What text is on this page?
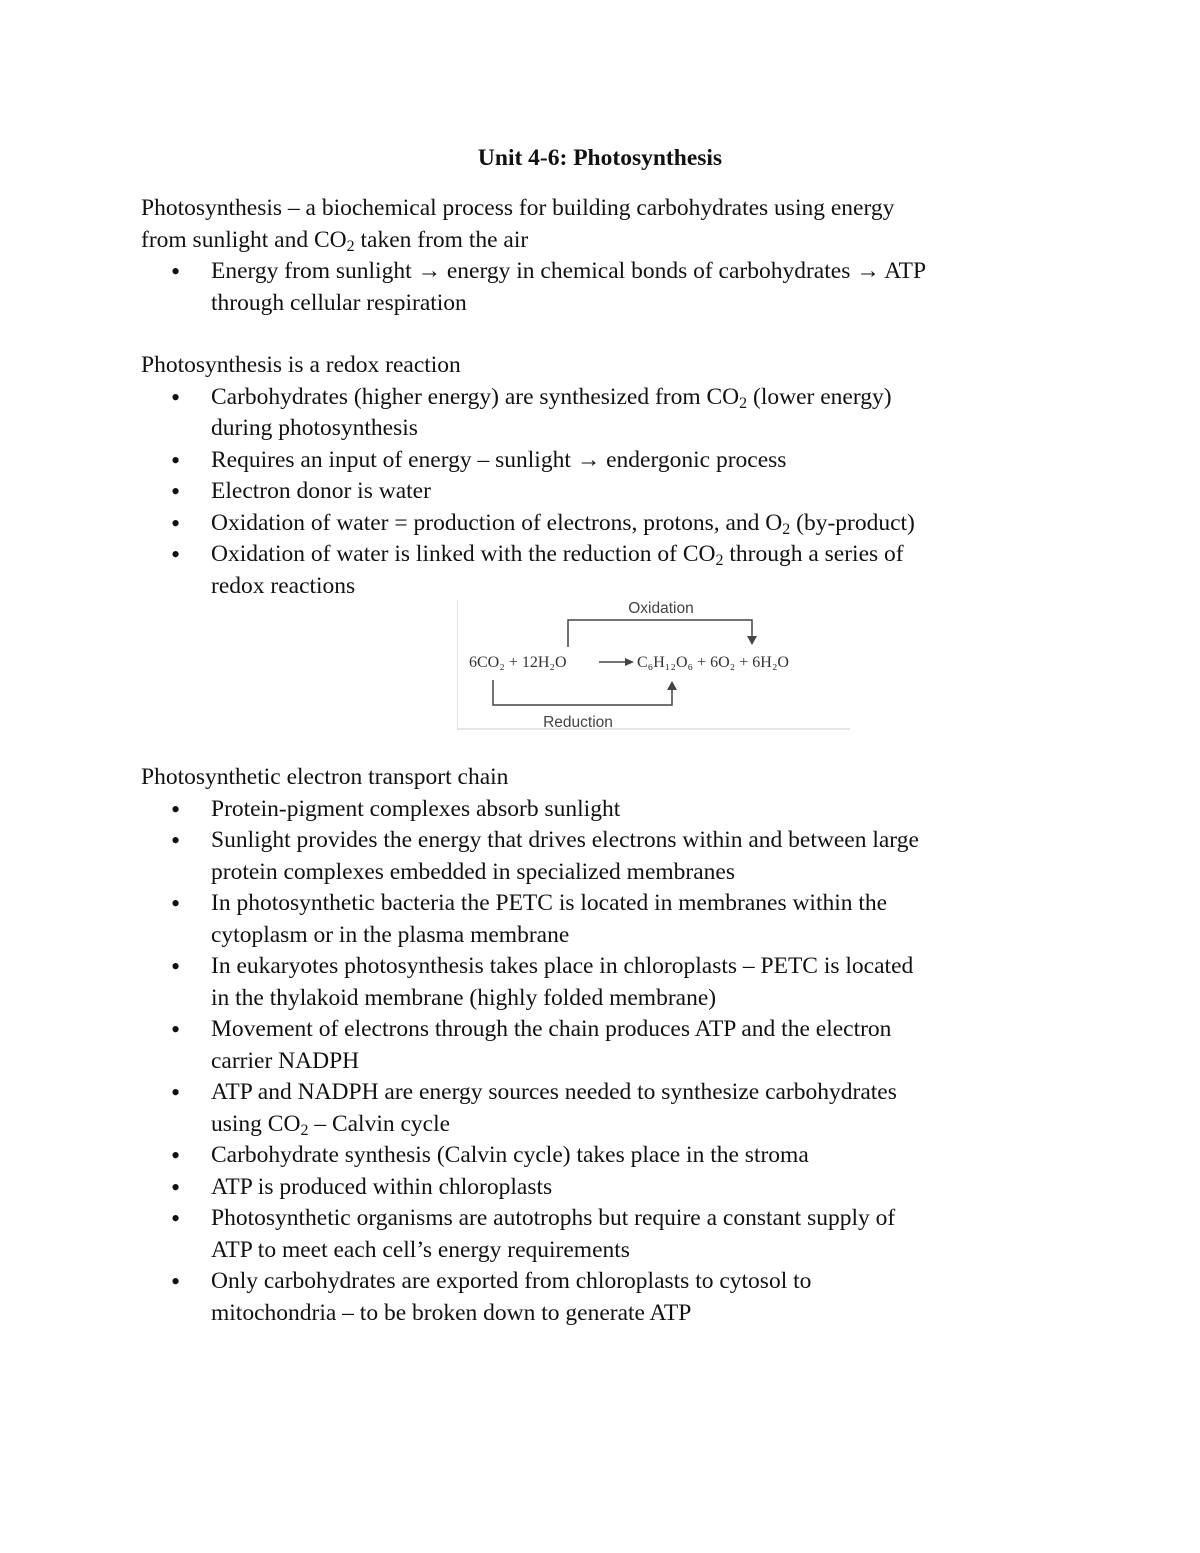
Unit 4-6: Photosynthesis

Photosynthesis – a biochemical process for building carbohydrates using energy

from sunlight and $CO_2$ taken from the air

• Energy from sunlight → energy in chemical bonds of carbohydrates → ATP
through cellular respiration

Photosynthesis is a redox reaction

• Carbohydrates (higher energy) are synthesized from $CO_2$ (lower energy)
during photosynthesis
• Requires an input of energy – sunlight → endergonic process
• Electron donor is water
• Oxidation of water = production of electrons, protons, and $O_2$ (by-product)
• Oxidation of water is linked with the reduction of $CO_2$ through a series of
redox reactions
Oxidation
6CO₂ + 12H₂O	C₆H₁₂O₆ + 6O₂ + 6H₂O
Reduction

Photosynthetic electron transport chain

• Protein-pigment complexes absorb sunlight
• Sunlight provides the energy that drives electrons within and between large
protein complexes embedded in specialized membranes
• In photosynthetic bacteria the PETC is located in membranes within the
cytoplasm or in the plasma membrane
• In eukaryotes photosynthesis takes place in chloroplasts – PETC is located
in the thylakoid membrane (highly folded membrane)
• Movement of electrons through the chain produces ATP and the electron
carrier NADPH
• ATP and NADPH are energy sources needed to synthesize carbohydrates
using $CO_2$ – Calvin cycle
• Carbohydrate synthesis (Calvin cycle) takes place in the stroma
• ATP is produced within chloroplasts
• Photosynthetic organisms are autotrophs but require a constant supply of
ATP to meet each cell’s energy requirements
• Only carbohydrates are exported from chloroplasts to cytosol to
mitochondria – to be broken down to generate ATP
